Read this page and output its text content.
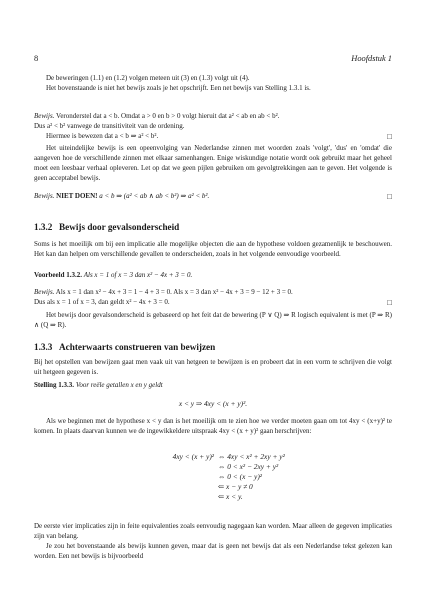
8	Hoofdstuk 1

De beweringen (1.1) en (1.2) volgen meteen uit (3) en (1.3) volgt uit (4).

Het bovenstaande is niet het bewijs zoals je het opschrijft. Een net bewijs van Stelling 1.3.1 is.

Bewijs. Veronderstel dat a < b. Omdat a > 0 en b > 0 volgt hieruit dat a² < ab en ab < b².

Dus a² < b² vanwege de transitiviteit van de ordening.

Hiermee is bewezen dat a < b ⇒ a² < b².	□

Het uiteindelijke bewijs is een opeenvolging van Nederlandse zinnen met woorden zoals 'volgt', 'dus' en 'omdat' die aangeven hoe de verschillende zinnen met elkaar samenhangen. Enige wiskundige notatie wordt ook gebruikt maar het geheel moet een leesbaar verhaal opleveren. Let op dat we geen pijlen gebruiken om gevolgtrekkingen aan te geven. Het volgende is geen acceptabel bewijs.

Bewijs. NIET DOEN! a < b ⇒ (a² < ab ∧ ab < b²) ⇒ a² < b².	□
1.3.2 Bewijs door gevalsonderscheid

Soms is het moeilijk om bij een implicatie alle mogelijke objecten die aan de hypothese voldoen gezamenlijk te beschouwen. Het kan dan helpen om verschillende gevallen te onderscheiden, zoals in het volgende eenvoudige voorbeeld.

Voorbeeld 1.3.2. Als x = 1 of x = 3 dan x² − 4x + 3 = 0.

Bewijs. Als x = 1 dan x² − 4x + 3 = 1 − 4 + 3 = 0. Als x = 3 dan x² − 4x + 3 = 9 − 12 + 3 = 0.

Dus als x = 1 of x = 3, dan geldt x² − 4x + 3 = 0.	□

Het bewijs door gevalsonderscheid is gebaseerd op het feit dat de bewering (P ∨ Q) ⇒ R logisch equivalent is met (P ⇒ R) ∧ (Q ⇒ R).

1.3.3 Achterwaarts construeren van bewijzen

Bij het opstellen van bewijzen gaat men vaak uit van hetgeen te bewijzen is en probeert dat in een vorm te schrijven die volgt uit hetgeen gegeven is.

Stelling 1.3.3. Voor reële getallen x en y geldt

x < y ⇒ 4xy < (x + y)².

Als we beginnen met de hypothese x < y dan is het moeilijk om te zien hoe we verder moeten gaan om tot 4xy < (x+y)² te komen. In plaats daarvan kunnen we de ingewikkeldere uitspraak 4xy < (x + y)² gaan herschrijven:

4xy < (x + y)² ⇔ 4xy < x² + 2xy + y²
⇔ 0 < x² − 2xy + y²
⇔ 0 < (x − y)²
⇐ x − y ≠ 0
⇐ x < y.

De eerste vier implicaties zijn in feite equivalenties zoals eenvoudig nagegaan kan worden. Maar alleen de gegeven implicaties zijn van belang.

Je zou het bovenstaande als bewijs kunnen geven, maar dat is geen net bewijs dat als een Nederlandse tekst gelezen kan worden. Een net bewijs is bijvoorbeeld
